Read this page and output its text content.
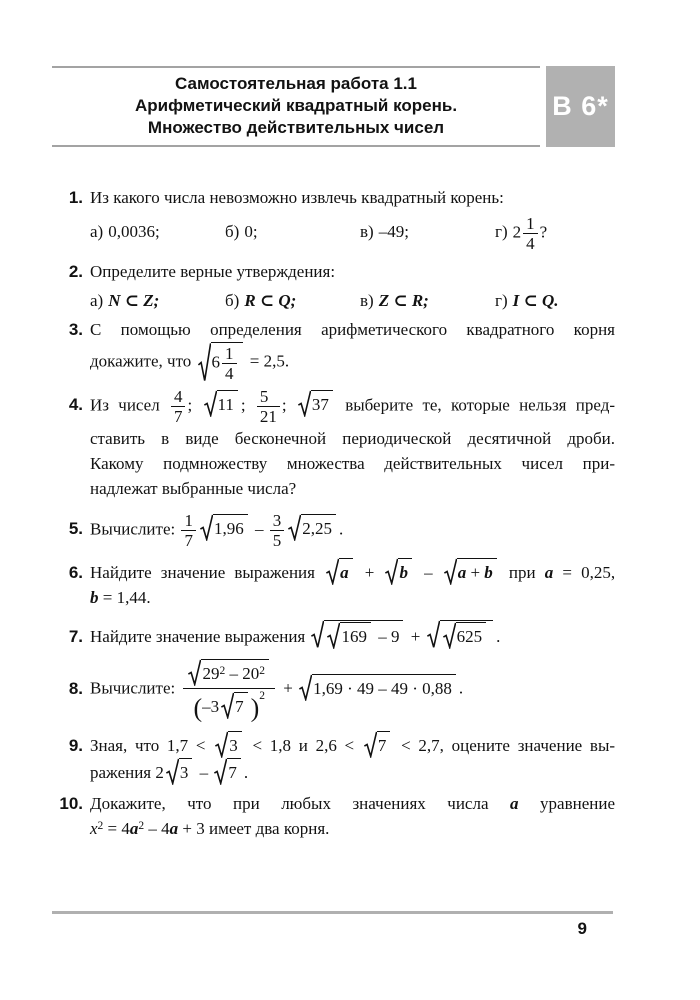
Самостоятельная работа 1.1
Арифметический квадратный корень.
Множество действительных чисел
В 6*
1. Из какого числа невозможно извлечь квадратный корень:
а) 0,0036;	б) 0;	в) –49;	г) $2 \frac{1}{4}$ ?
2. Определите верные утверждения:
а) N ⊂ Z;	б) R ⊂ Q;	в) Z ⊂ R;	г) I ⊂ Q.
3. С помощью определения арифметического квадратного корня
докажите, что $6 \frac{1}{4} = 2,5$.
4. Из чисел $\frac{4}{7}$ ; 11 ; $\frac{5}{21}$ ; 37 выберите те, которые нельзя пред-
ставить в виде бесконечной периодической десятичной дроби.
Какому подмножеству множества действительных чисел при-
надлежат выбранные числа?
5. Вычислите: $\frac{1}{7} 1,96 - \frac{3}{5} 2,25$ .
6. Найдите значение выражения a + b – a + b при a = 0,25,
b = 1,44.
7. Найдите значение выражения 169 – 9 + 625 .
8. Вычислите: $\frac{29^2 - 20^2}{(-3 7 )^2} + 1,69 \cdot 49 - 49 \cdot 0,88$ .
9. Зная, что 1,7 < 3 < 1,8 и 2,6 < 7 < 2,7, оцените значение вы-
ражения 2 3 – 7 .
10. Докажите, что при любых значениях числа a уравнение
$x^2 = 4a^2 - 4a + 3$ имеет два корня.
9
